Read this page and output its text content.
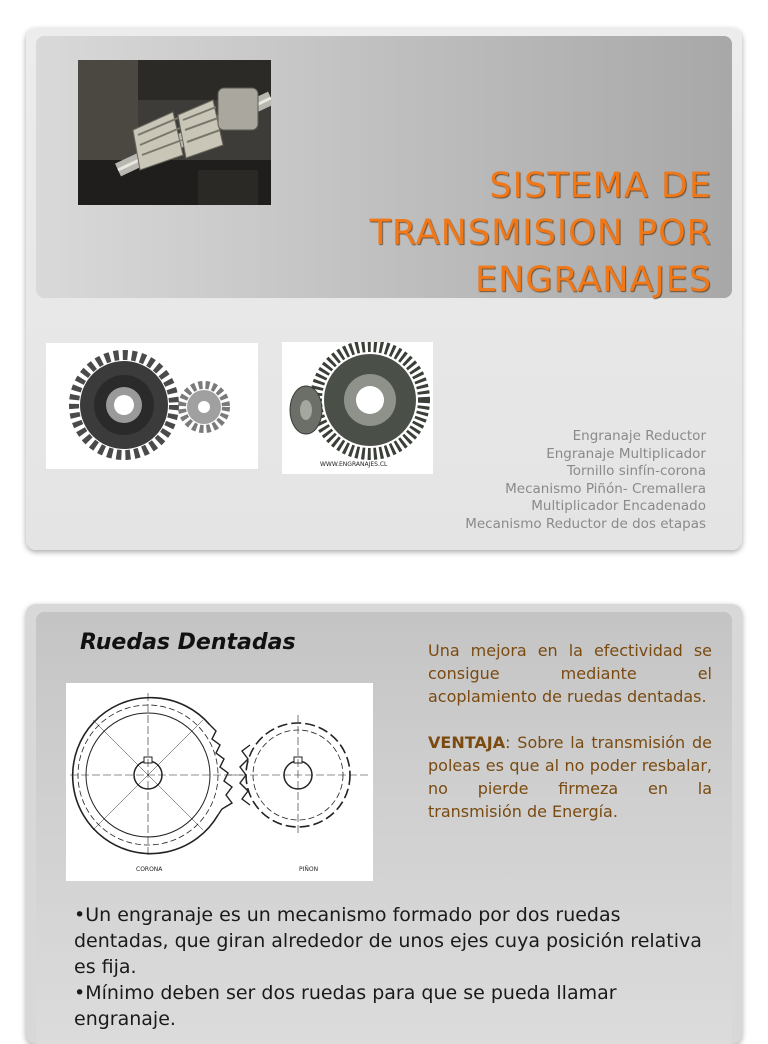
SISTEMA DE
TRANSMISION POR
ENGRANAJES
WWW.ENGRANAJES.CL
Engranaje Reductor
Engranaje Multiplicador
Tornillo sinfín-corona
Mecanismo Piñón- Cremallera
Multiplicador Encadenado
Mecanismo Reductor de dos etapas
Ruedas Dentadas
CORONA	PIÑON

Una mejora en la efectividad se consigue mediante el acoplamiento de ruedas dentadas.

VENTAJA: Sobre la transmisión de poleas es que al no poder resbalar, no pierde firmeza en la transmisión de Energía.

•Un engranaje es un mecanismo formado por dos ruedas dentadas, que giran alrededor de unos ejes cuya posición relativa es fija.

•Mínimo deben ser dos ruedas para que se pueda llamar engranaje.
